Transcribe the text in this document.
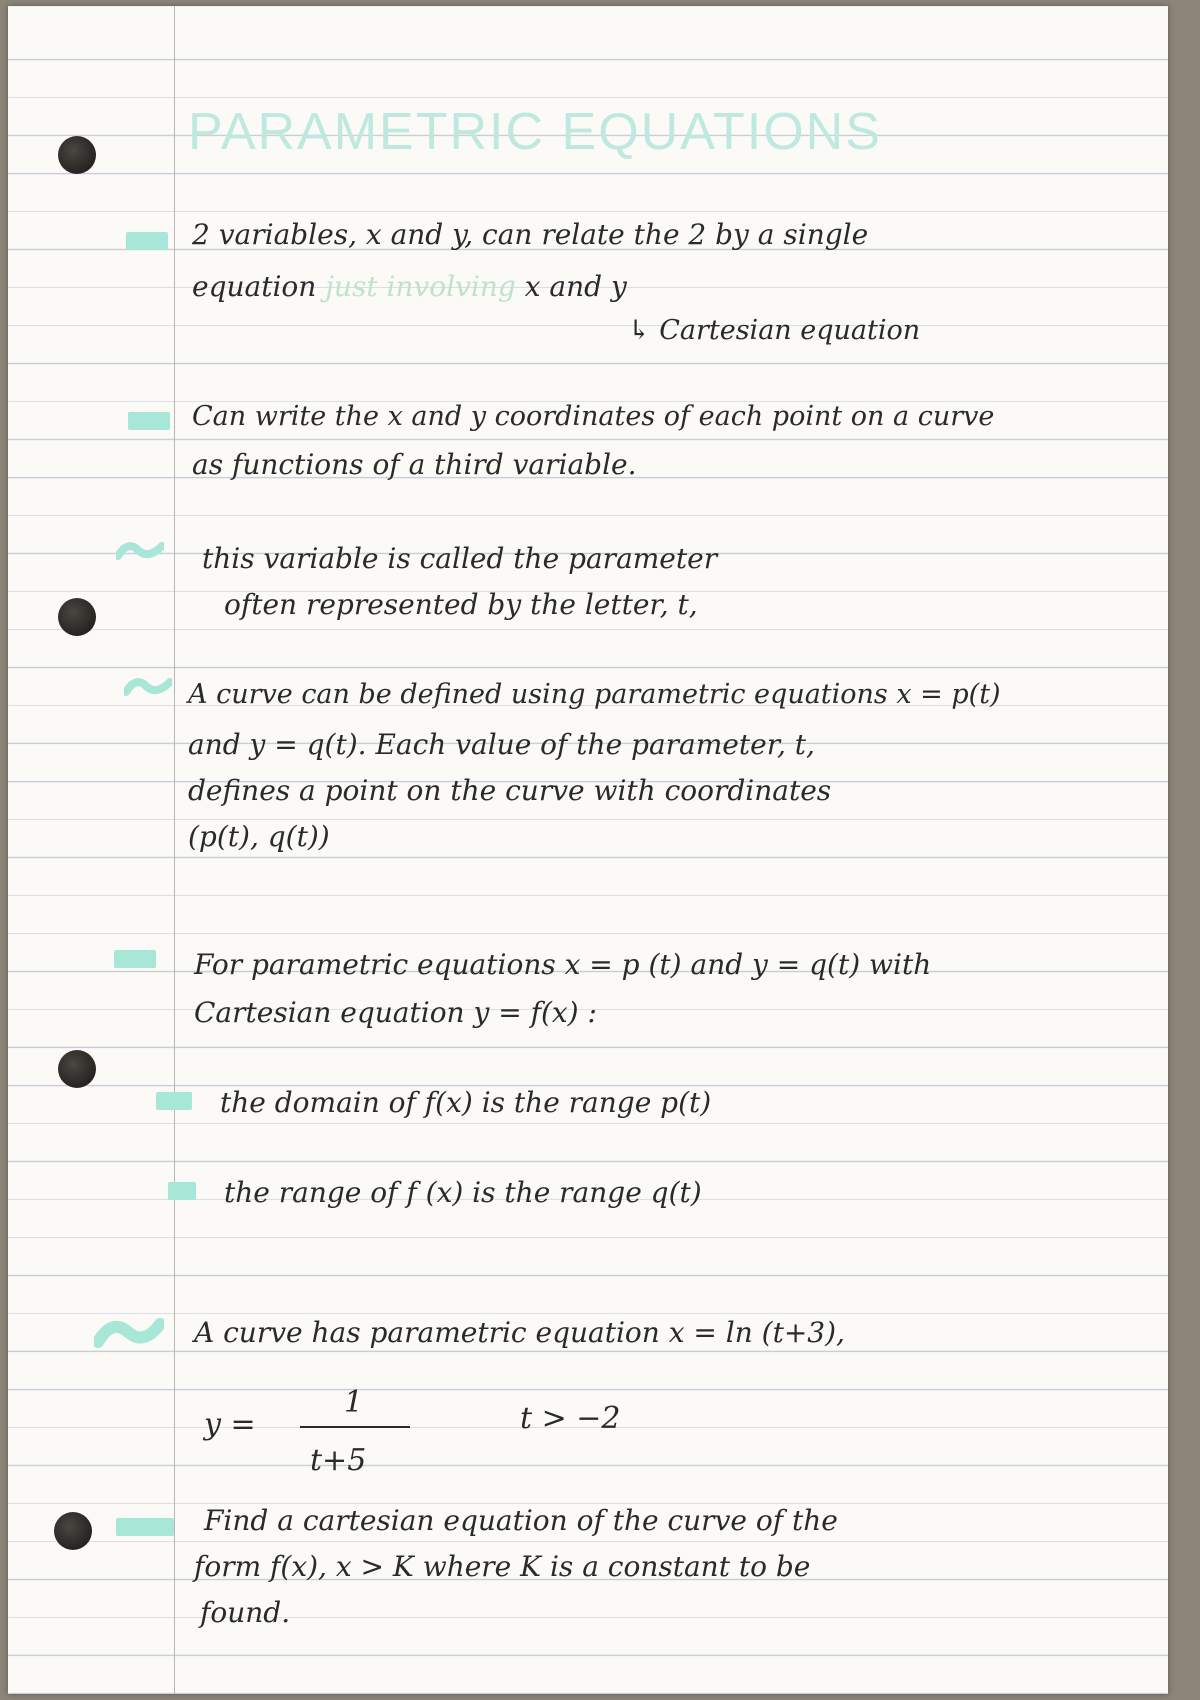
PARAMETRIC EQUATIONS
2 variables, x and y, can relate the 2 by a single
equation just involving x and y
↳ Cartesian equation
Can write the x and y coordinates of each point on a curve
as functions of a third variable.
this variable is called the parameter
often represented by the letter, t,
A curve can be defined using parametric equations x = p(t)
and y = q(t). Each value of the parameter, t,
defines a point on the curve with coordinates
(p(t), q(t))
For parametric equations x = p (t) and y = q(t) with
Cartesian equation y = f(x) :
the domain of f(x) is the range p(t)
the range of f (x) is the range q(t)
A curve has parametric equation x = ln (t+3),
y =
1
t+5
t > −2
Find a cartesian equation of the curve of the
form f(x), x > K where K is a constant to be
found.
